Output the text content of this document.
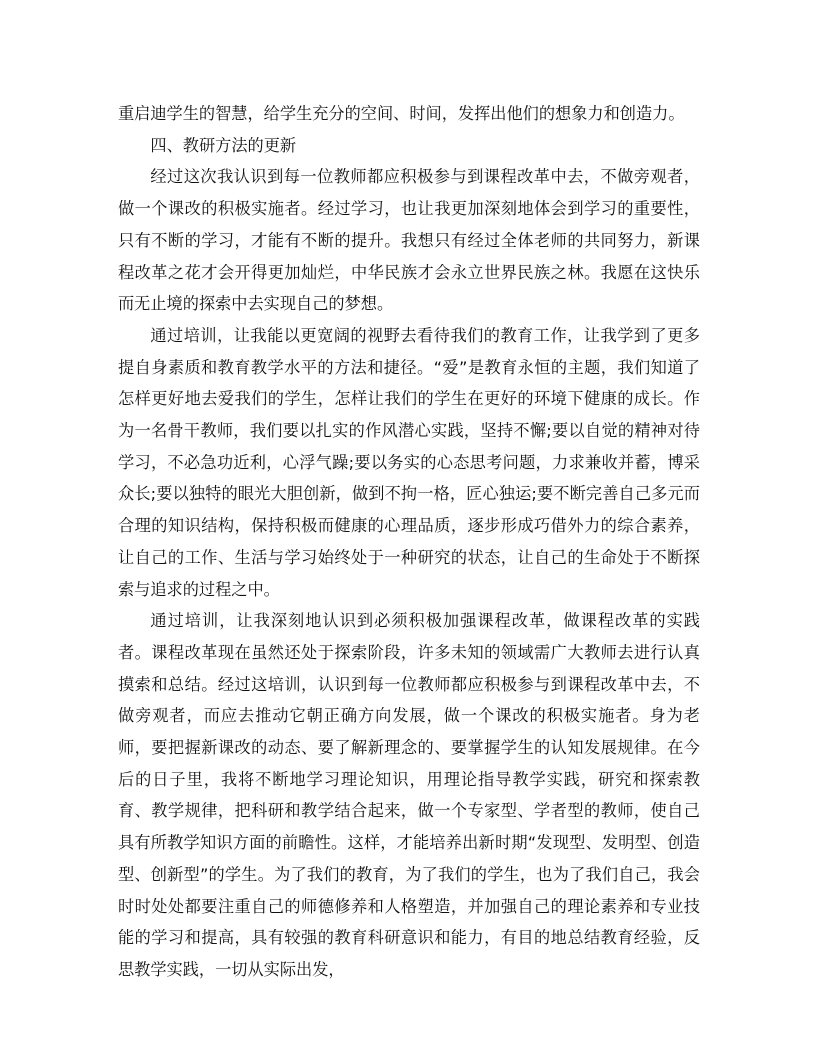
重启迪学生的智慧，给学生充分的空间、时间，发挥出他们的想象力和创造力。

四、教研方法的更新

经过这次我认识到每一位教师都应积极参与到课程改革中去，不做旁观者，做一个课改的积极实施者。经过学习，也让我更加深刻地体会到学习的重要性，只有不断的学习，才能有不断的提升。我想只有经过全体老师的共同努力，新课程改革之花才会开得更加灿烂，中华民族才会永立世界民族之林。我愿在这快乐而无止境的探索中去实现自己的梦想。

通过培训，让我能以更宽阔的视野去看待我们的教育工作，让我学到了更多提自身素质和教育教学水平的方法和捷径。“爱”是教育永恒的主题，我们知道了怎样更好地去爱我们的学生，怎样让我们的学生在更好的环境下健康的成长。作为一名骨干教师，我们要以扎实的作风潜心实践，坚持不懈;要以自觉的精神对待学习，不必急功近利，心浮气躁;要以务实的心态思考问题，力求兼收并蓄，博采众长;要以独特的眼光大胆创新，做到不拘一格，匠心独运;要不断完善自己多元而合理的知识结构，保持积极而健康的心理品质，逐步形成巧借外力的综合素养，让自己的工作、生活与学习始终处于一种研究的状态，让自己的生命处于不断探索与追求的过程之中。

通过培训，让我深刻地认识到必须积极加强课程改革，做课程改革的实践者。课程改革现在虽然还处于探索阶段，许多未知的领域需广大教师去进行认真摸索和总结。经过这培训，认识到每一位教师都应积极参与到课程改革中去，不做旁观者，而应去推动它朝正确方向发展，做一个课改的积极实施者。身为老师，要把握新课改的动态、要了解新理念的、要掌握学生的认知发展规律。在今后的日子里，我将不断地学习理论知识，用理论指导教学实践，研究和探索教育、教学规律，把科研和教学结合起来，做一个专家型、学者型的教师，使自己具有所教学知识方面的前瞻性。这样，才能培养出新时期“发现型、发明型、创造型、创新型”的学生。为了我们的教育，为了我们的学生，也为了我们自己，我会时时处处都要注重自己的师德修养和人格塑造，并加强自己的理论素养和专业技能的学习和提高，具有较强的教育科研意识和能力，有目的地总结教育经验，反思教学实践，一切从实际出发，
